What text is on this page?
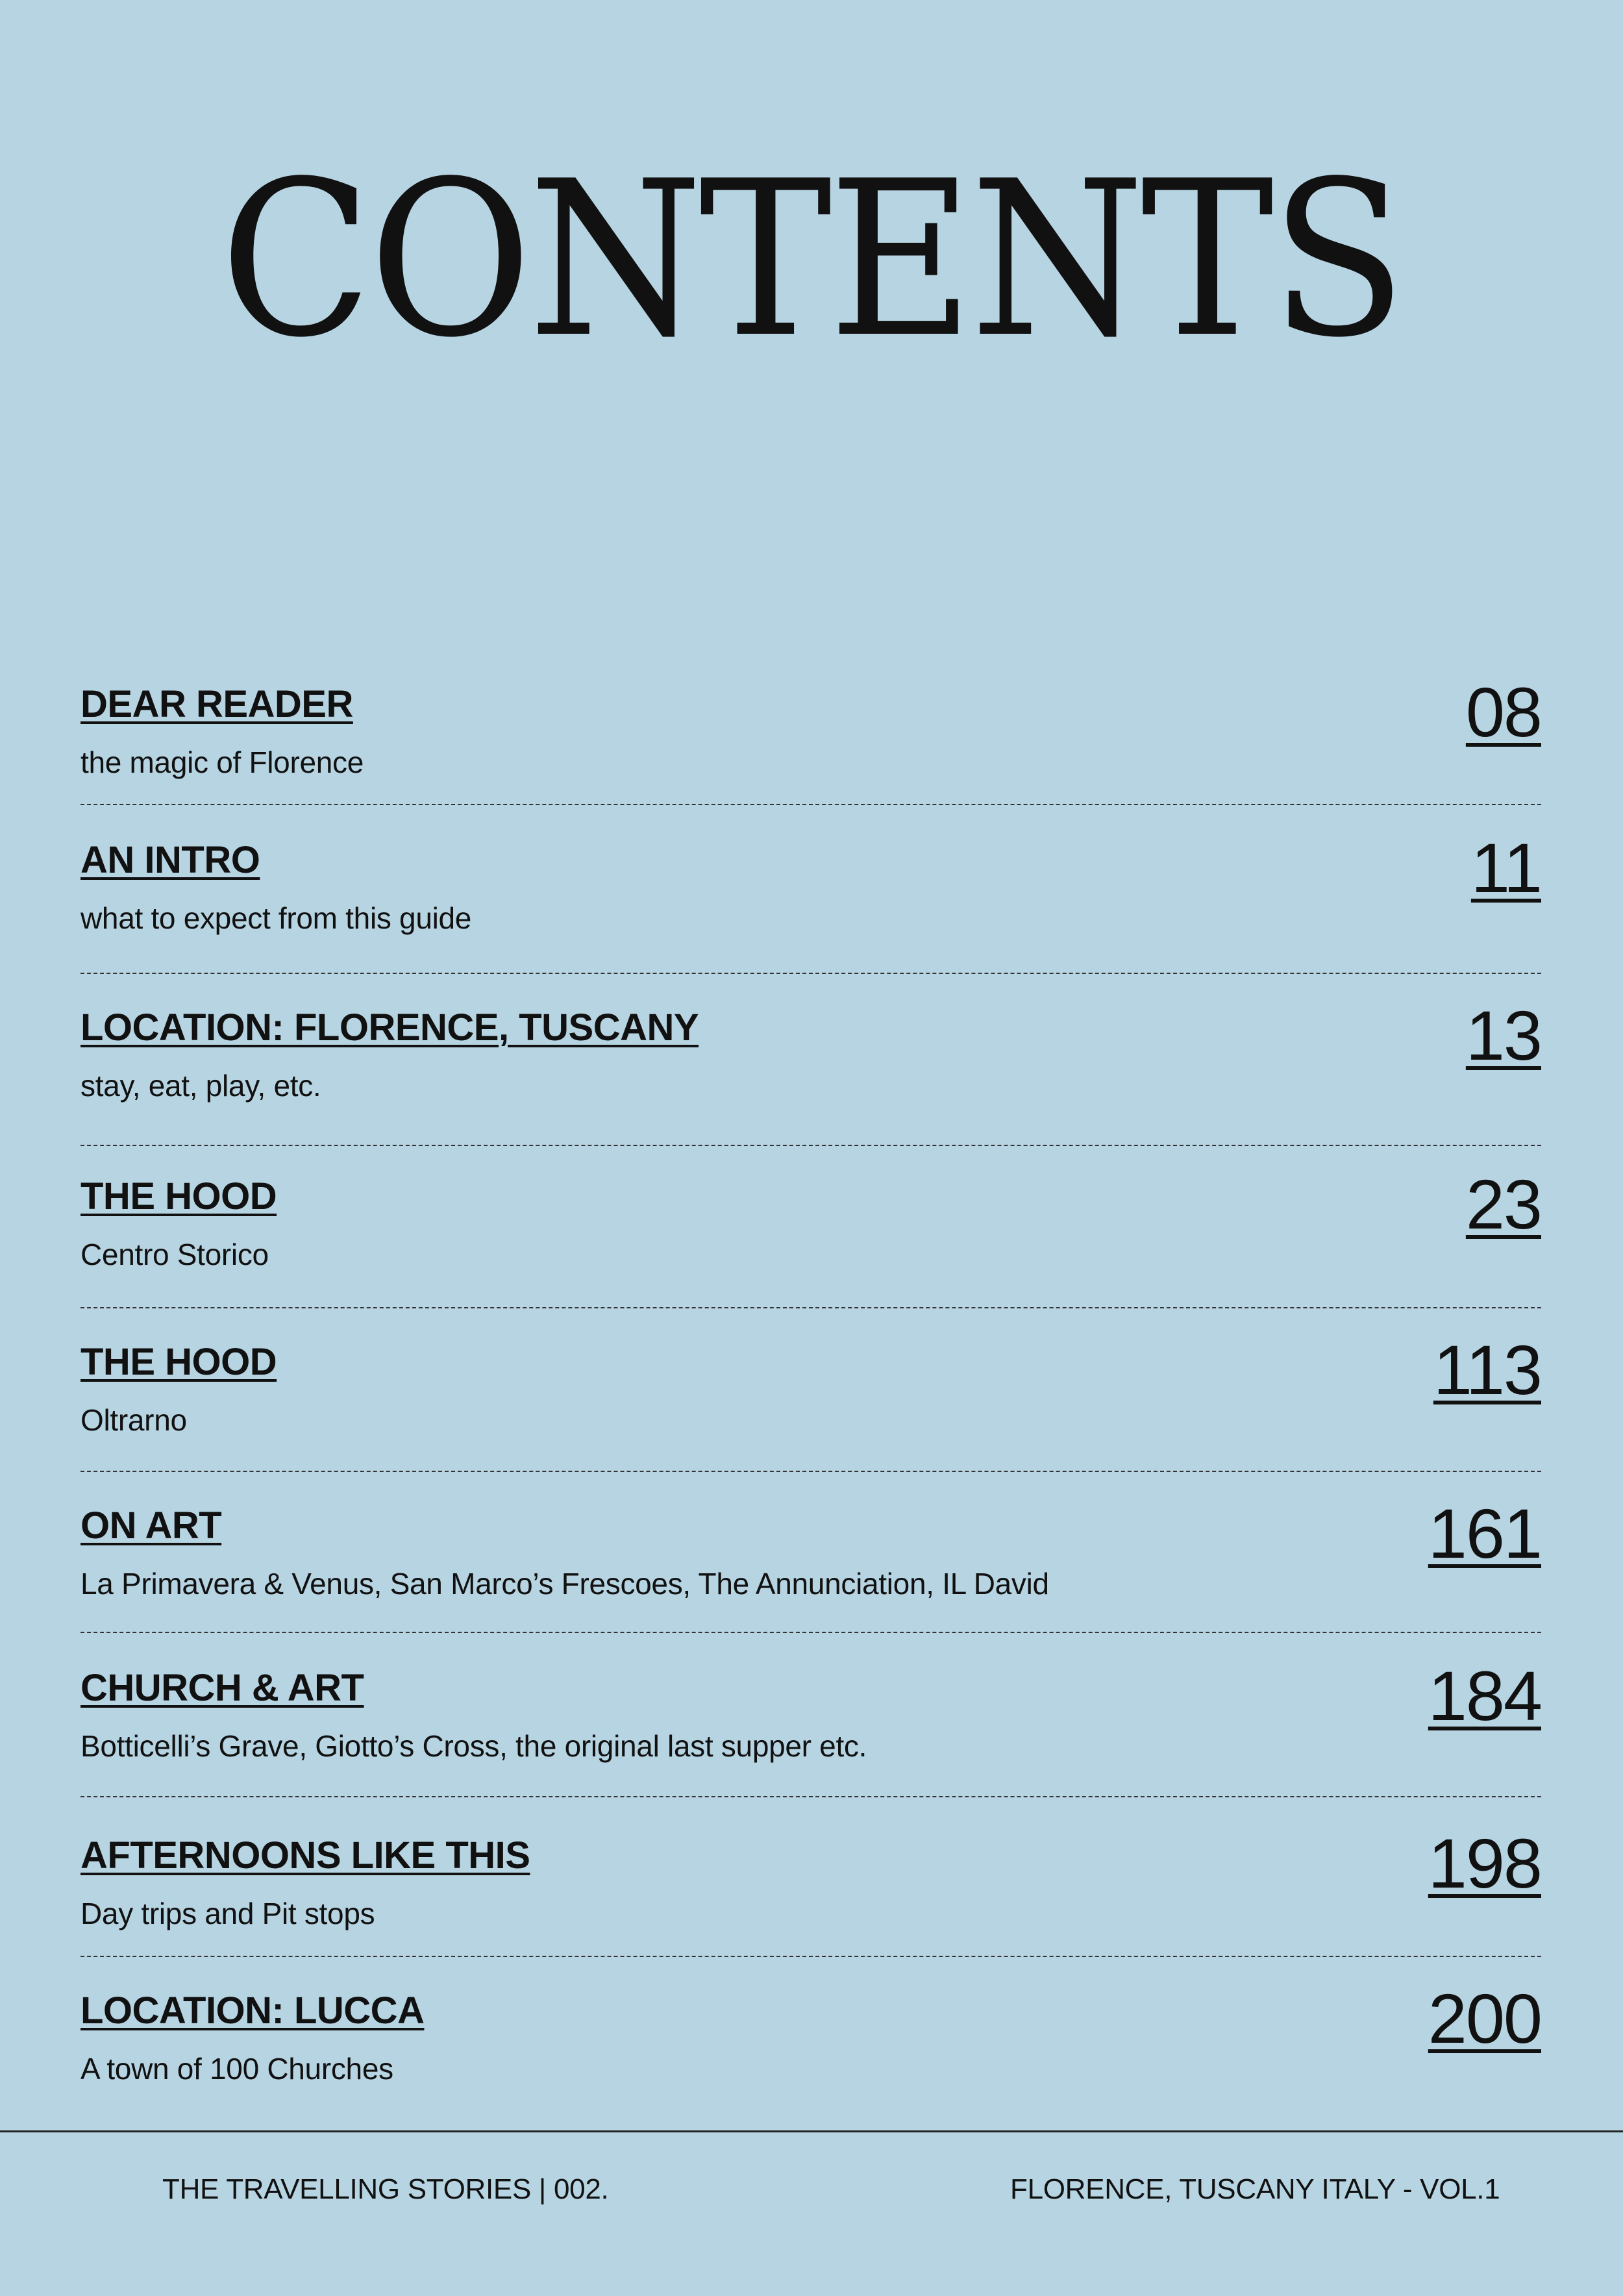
CONTENTS
DEAR READER
the magic of Florence
08
AN INTRO
what to expect from this guide
11
LOCATION: FLORENCE, TUSCANY
stay, eat, play, etc.
13
THE HOOD
Centro Storico
23
THE HOOD
Oltrarno
113
ON ART
La Primavera & Venus, San Marco’s Frescoes, The Annunciation, IL David
161
CHURCH & ART
Botticelli’s Grave, Giotto’s Cross, the original last supper etc.
184
AFTERNOONS LIKE THIS
Day trips and Pit stops
198
LOCATION: LUCCA
A town of 100 Churches
200
THE TRAVELLING STORIES | 002.	FLORENCE, TUSCANY ITALY - VOL.1
